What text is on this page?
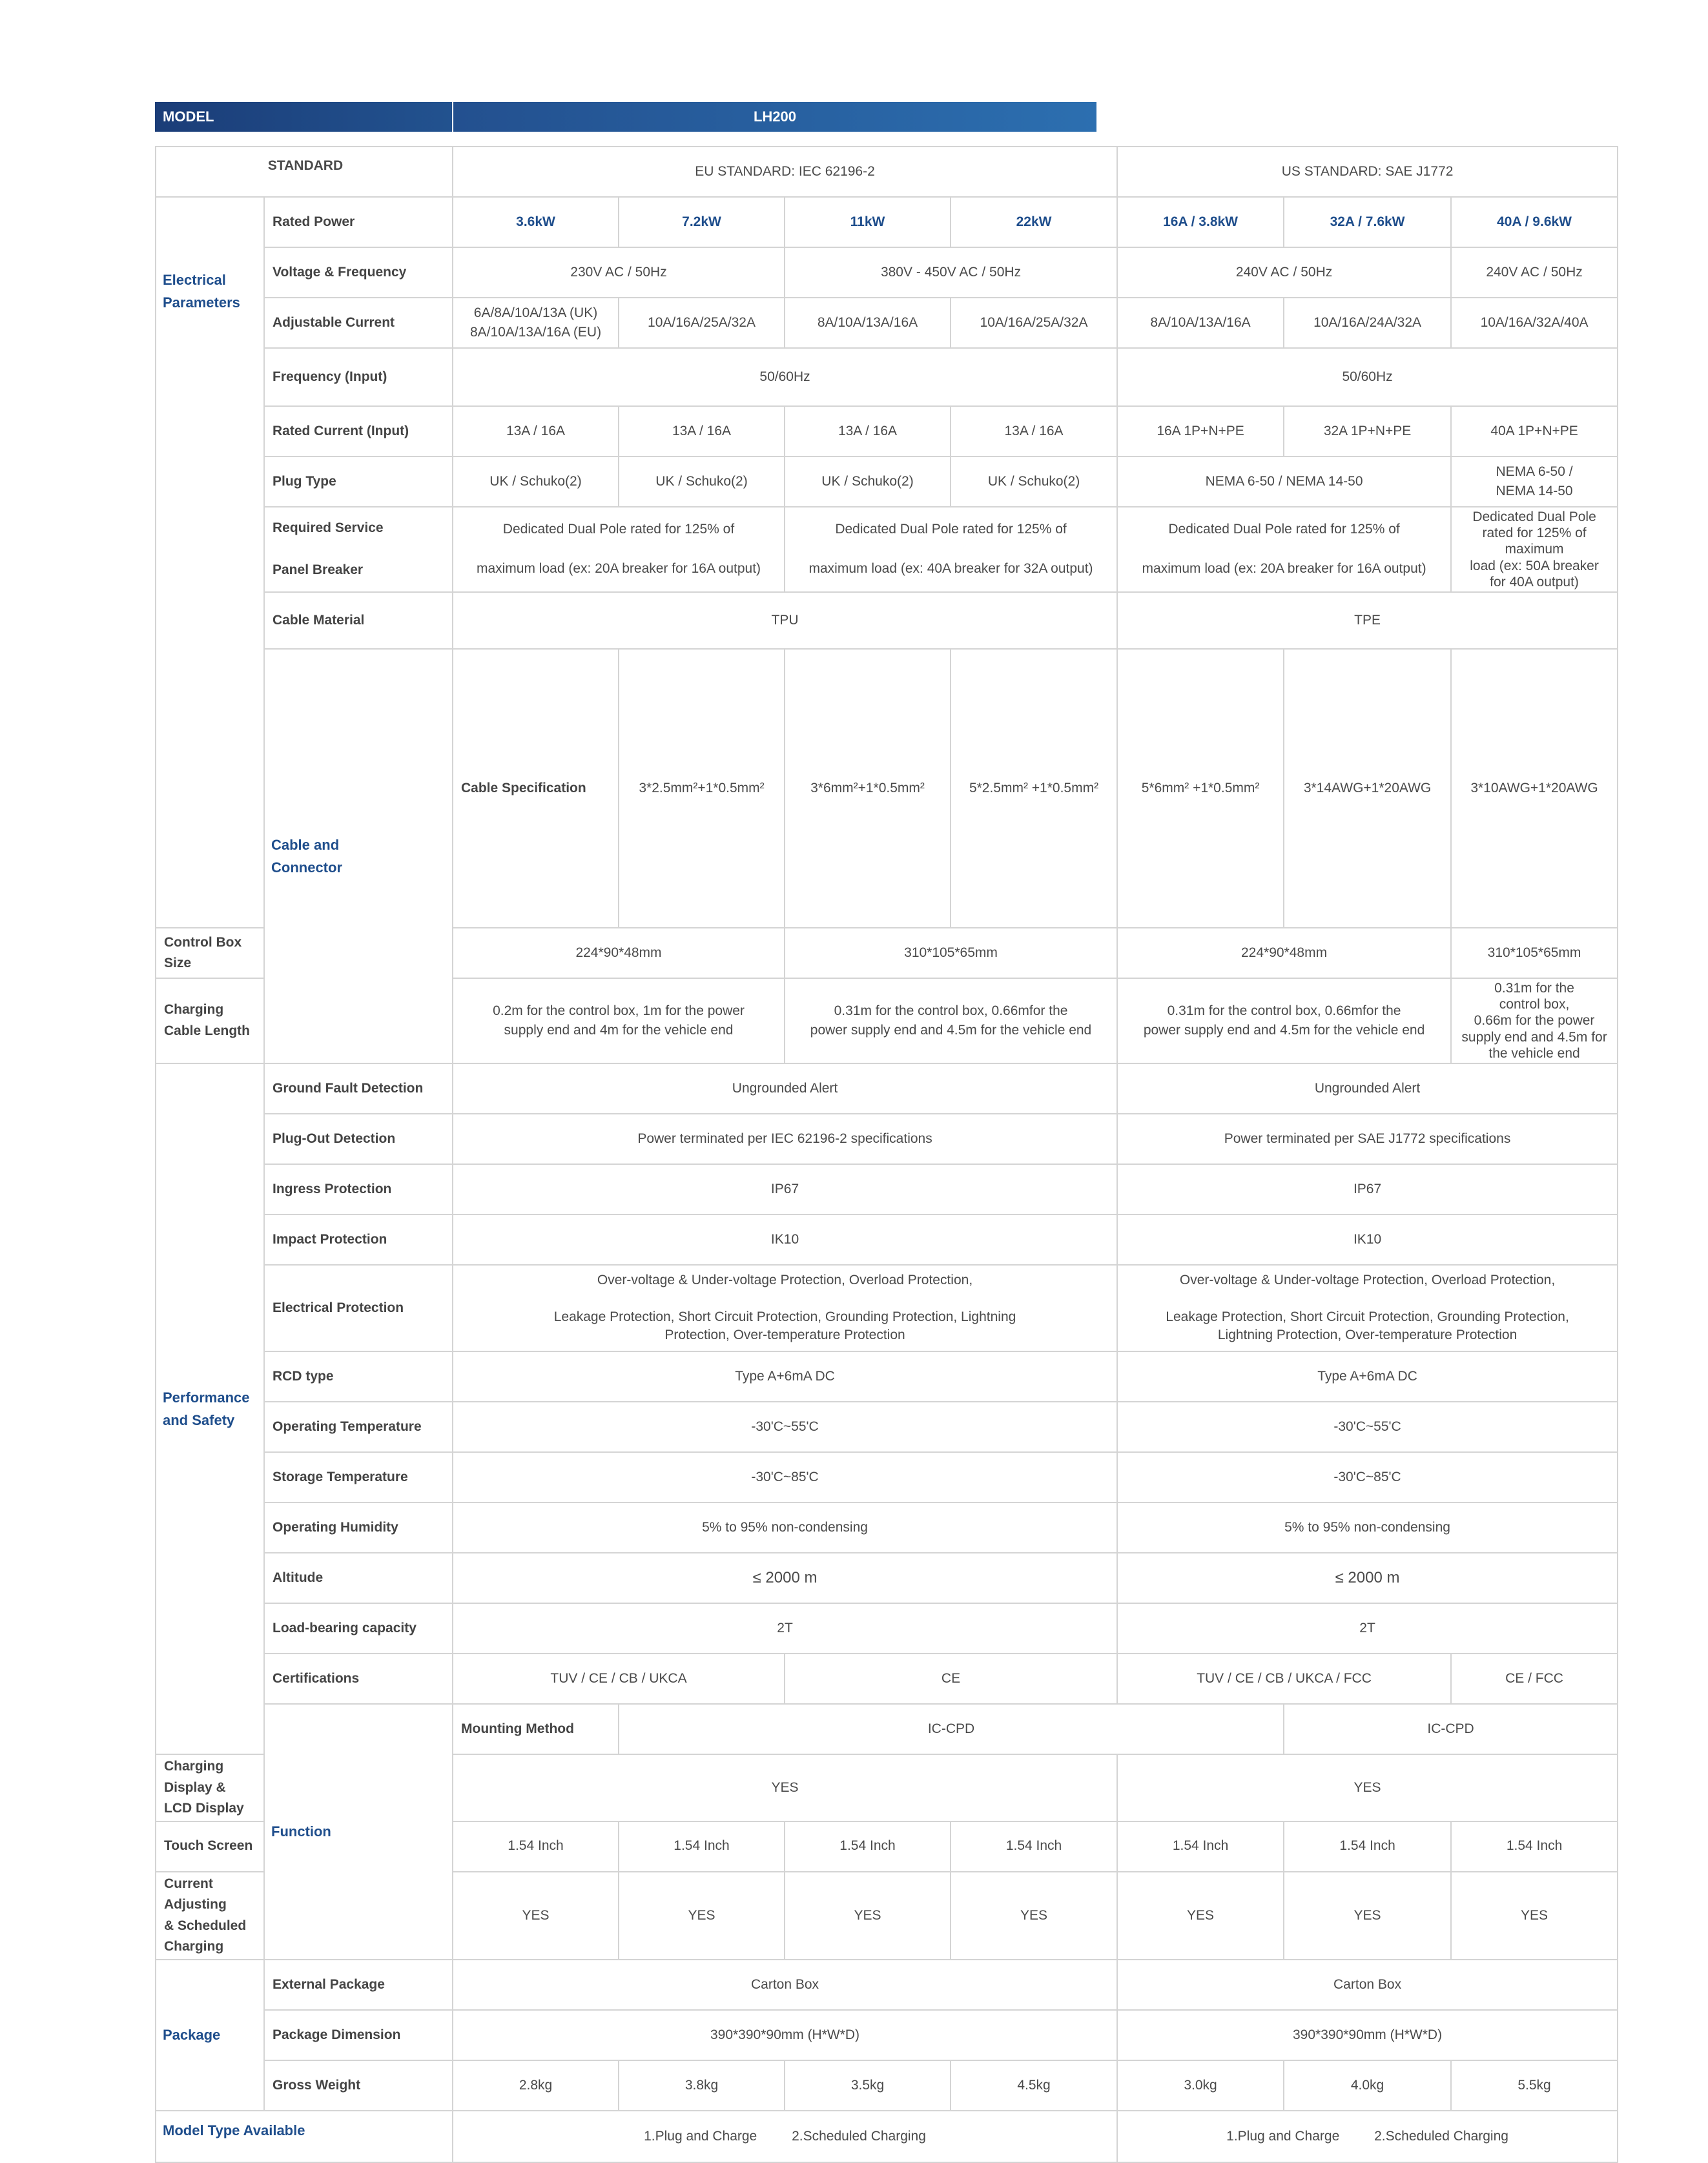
MODEL	LH200
STANDARD		EU STANDARD: IEC 62196-2				US STANDARD: SAE J1772			
Electrical
Parameters	Rated Power	3.6kW	7.2kW	11kW	22kW	16A / 3.8kW	32A / 7.6kW	40A / 9.6kW	
	Voltage & Frequency	230V AC / 50Hz		380V - 450V AC / 50Hz		240V AC / 50Hz		240V AC / 50Hz	
	Adjustable Current	6A/8A/10A/13A (UK)
8A/10A/13A/16A (EU)	10A/16A/25A/32A	8A/10A/13A/16A	10A/16A/25A/32A	8A/10A/13A/16A	10A/16A/24A/32A	10A/16A/32A/40A	
	Frequency (Input)	50/60Hz				50/60Hz			
	Rated Current (Input)	13A / 16A	13A / 16A	13A / 16A	13A / 16A	16A 1P+N+PE	32A 1P+N+PE	40A 1P+N+PE	
	Plug Type	UK / Schuko(2)	UK / Schuko(2)	UK / Schuko(2)	UK / Schuko(2)	NEMA 6-50 / NEMA 14-50		NEMA 6-50 /
NEMA 14-50	
	Required Service

Panel Breaker	Dedicated Dual Pole rated for 125% of

maximum load (ex: 20A breaker for 16A output)		Dedicated Dual Pole rated for 125% of

maximum load (ex: 40A breaker for 32A output)		Dedicated Dual Pole rated for 125% of

maximum load (ex: 20A breaker for 16A output)		Dedicated Dual Pole
rated for 125% of
maximum
load (ex: 50A breaker
for 40A output)	
	Cable Material	TPU				TPE			
	Cable and
Connector	Cable Specification	3*2.5mm²+1*0.5mm²	3*6mm²+1*0.5mm²	5*2.5mm² +1*0.5mm²	5*6mm² +1*0.5mm²	3*14AWG+1*20AWG	3*10AWG+1*20AWG	
Control Box Size		224*90*48mm		310*105*65mm		224*90*48mm		310*105*65mm	
Charging Cable Length		0.2m for the control box, 1m for the power
supply end and 4m for the vehicle end		0.31m for the control box, 0.66mfor the
power supply end and 4.5m for the vehicle end		0.31m for the control box, 0.66mfor the
power supply end and 4.5m for the vehicle end		0.31m for the
control box,
0.66m for the power
supply end and 4.5m for
the vehicle end	
Performance
and Safety	Ground Fault Detection	Ungrounded Alert				Ungrounded Alert			
	Plug-Out Detection	Power terminated per IEC 62196-2 specifications				Power terminated per SAE J1772 specifications			
	Ingress Protection	IP67				IP67			
	Impact Protection	IK10				IK10			
	Electrical Protection	Over-voltage & Under-voltage Protection, Overload Protection,

Leakage Protection, Short Circuit Protection, Grounding Protection, Lightning
Protection, Over-temperature Protection				Over-voltage & Under-voltage Protection, Overload Protection,

Leakage Protection, Short Circuit Protection, Grounding Protection,
Lightning Protection, Over-temperature Protection			
	RCD type	Type A+6mA DC				Type A+6mA DC			
	Operating Temperature	-30'C~55'C				-30'C~55'C			
	Storage Temperature	-30'C~85'C				-30'C~85'C			
	Operating Humidity	5% to 95% non-condensing				5% to 95% non-condensing			
	Altitude	≤ 2000 m				≤ 2000 m			
	Load-bearing capacity	2T				2T			
	Certifications	TUV / CE / CB / UKCA		CE		TUV / CE / CB / UKCA / FCC		CE / FCC	
	Function	Mounting Method	IC-CPD				IC-CPD		
Charging Display &
LCD Display		YES				YES			
Touch Screen		1.54 Inch	1.54 Inch	1.54 Inch	1.54 Inch	1.54 Inch	1.54 Inch	1.54 Inch	
Current Adjusting
& Scheduled Charging		YES	YES	YES	YES	YES	YES	YES	
Package	External Package	Carton Box				Carton Box			
	Package Dimension	390*390*90mm (H*W*D)				390*390*90mm (H*W*D)			
	Gross Weight	2.8kg	3.8kg	3.5kg	4.5kg	3.0kg	4.0kg	5.5kg	
Model Type Available		1.Plug and Charge 2.Scheduled Charging				1.Plug and Charge 2.Scheduled Charging			
